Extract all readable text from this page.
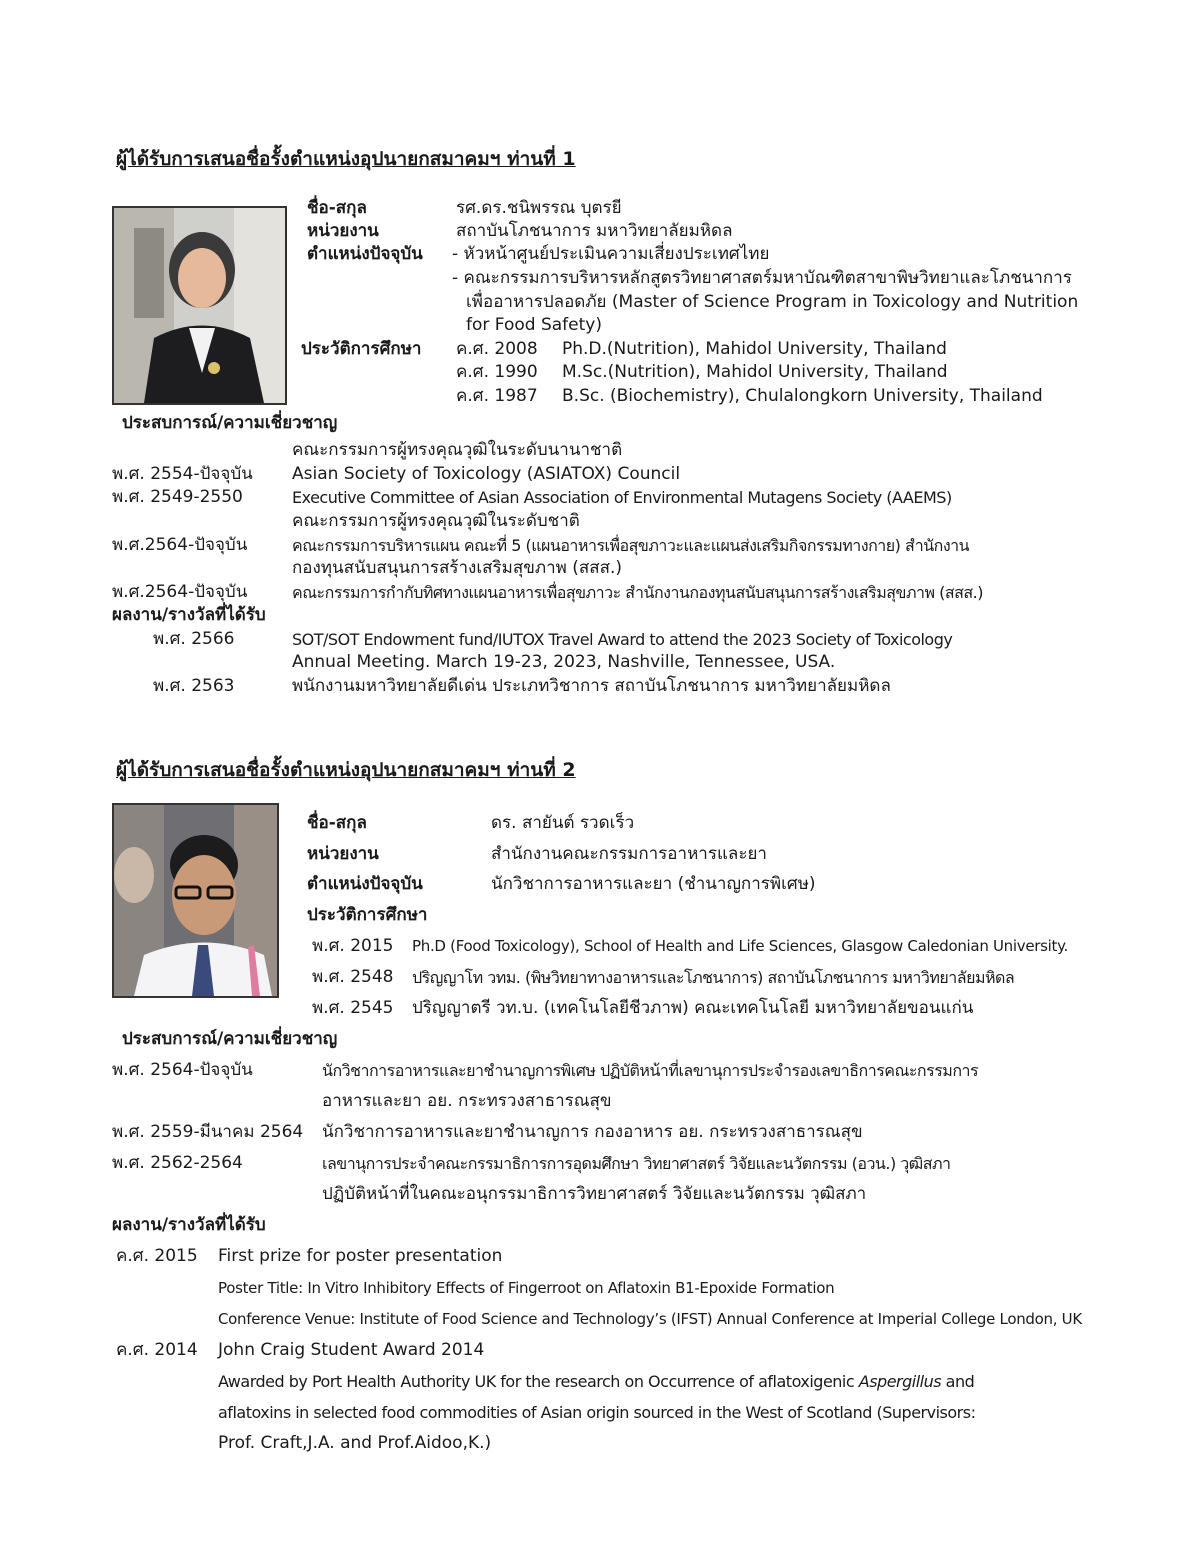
ผู้ได้รับการเสนอชื่อรั้งตำแหน่งอุปนายกสมาคมฯ ท่านที่ 1
ชื่อ-สกุล	รศ.ดร.ชนิพรรณ บุตรยี
หน่วยงาน	สถาบันโภชนาการ มหาวิทยาลัยมหิดล
ตำแหน่งปัจจุบัน - หัวหน้าศูนย์ประเมินความเสี่ยงประเทศไทย
- คณะกรรมการบริหารหลักสูตรวิทยาศาสตร์มหาบัณฑิตสาขาพิษวิทยาและโภชนาการ
เพื่ออาหารปลอดภัย (Master of Science Program in Toxicology and Nutrition
for Food Safety)
ประวัติการศึกษา ค.ศ. 2008 Ph.D.(Nutrition), Mahidol University, Thailand
ค.ศ. 1990 M.Sc.(Nutrition), Mahidol University, Thailand
ค.ศ. 1987 B.Sc. (Biochemistry), Chulalongkorn University, Thailand
ประสบการณ์/ความเชี่ยวชาญ
คณะกรรมการผู้ทรงคุณวุฒิในระดับนานาชาติ
พ.ศ. 2554-ปัจจุบัน Asian Society of Toxicology (ASIATOX) Council
พ.ศ. 2549-2550	Executive Committee of Asian Association of Environmental Mutagens Society (AAEMS)
คณะกรรมการผู้ทรงคุณวุฒิในระดับชาติ
พ.ศ.2564-ปัจจุบัน	คณะกรรมการบริหารแผน คณะที่ 5 (แผนอาหารเพื่อสุขภาวะและแผนส่งเสริมกิจกรรมทางกาย) สำนักงาน
กองทุนสนับสนุนการสร้างเสริมสุขภาพ (สสส.)
พ.ศ.2564-ปัจจุบัน	คณะกรรมการกำกับทิศทางแผนอาหารเพื่อสุขภาวะ สำนักงานกองทุนสนับสนุนการสร้างเสริมสุขภาพ (สสส.)
ผลงาน/รางวัลที่ได้รับ
พ.ศ. 2566	SOT/SOT Endowment fund/IUTOX Travel Award to attend the 2023 Society of Toxicology
Annual Meeting. March 19-23, 2023, Nashville, Tennessee, USA.
พ.ศ. 2563	พนักงานมหาวิทยาลัยดีเด่น ประเภทวิชาการ สถาบันโภชนาการ มหาวิทยาลัยมหิดล
ผู้ได้รับการเสนอชื่อรั้งตำแหน่งอุปนายกสมาคมฯ ท่านที่ 2
ชื่อ-สกุล	ดร. สายันต์ รวดเร็ว
หน่วยงาน	สำนักงานคณะกรรมการอาหารและยา
ตำแหน่งปัจจุบัน	นักวิชาการอาหารและยา (ชำนาญการพิเศษ)
ประวัติการศึกษา
พ.ศ. 2015 Ph.D (Food Toxicology), School of Health and Life Sciences, Glasgow Caledonian University.
พ.ศ. 2548 ปริญญาโท วทม. (พิษวิทยาทางอาหารและโภชนาการ) สถาบันโภชนาการ มหาวิทยาลัยมหิดล
พ.ศ. 2545 ปริญญาตรี วท.บ. (เทคโนโลยีชีวภาพ) คณะเทคโนโลยี มหาวิทยาลัยขอนแก่น
ประสบการณ์/ความเชี่ยวชาญ
พ.ศ. 2564-ปัจจุบัน	นักวิชาการอาหารและยาชำนาญการพิเศษ ปฏิบัติหน้าที่เลขานุการประจำรองเลขาธิการคณะกรรมการ
อาหารและยา อย. กระทรวงสาธารณสุข
พ.ศ. 2559-มีนาคม 2564 นักวิชาการอาหารและยาชำนาญการ กองอาหาร อย. กระทรวงสาธารณสุข
พ.ศ. 2562-2564	เลขานุการประจำคณะกรรมาธิการการอุดมศึกษา วิทยาศาสตร์ วิจัยและนวัตกรรม (อวน.) วุฒิสภา
ปฏิบัติหน้าที่ในคณะอนุกรรมาธิการวิทยาศาสตร์ วิจัยและนวัตกรรม วุฒิสภา
ผลงาน/รางวัลที่ได้รับ
ค.ศ. 2015 First prize for poster presentation
Poster Title: In Vitro Inhibitory Effects of Fingerroot on Aflatoxin B1-Epoxide Formation
Conference Venue: Institute of Food Science and Technology’s (IFST) Annual Conference at Imperial College London, UK
ค.ศ. 2014 John Craig Student Award 2014
Awarded by Port Health Authority UK for the research on Occurrence of aflatoxigenic Aspergillus and
aflatoxins in selected food commodities of Asian origin sourced in the West of Scotland (Supervisors:
Prof. Craft,J.A. and Prof.Aidoo,K.)
